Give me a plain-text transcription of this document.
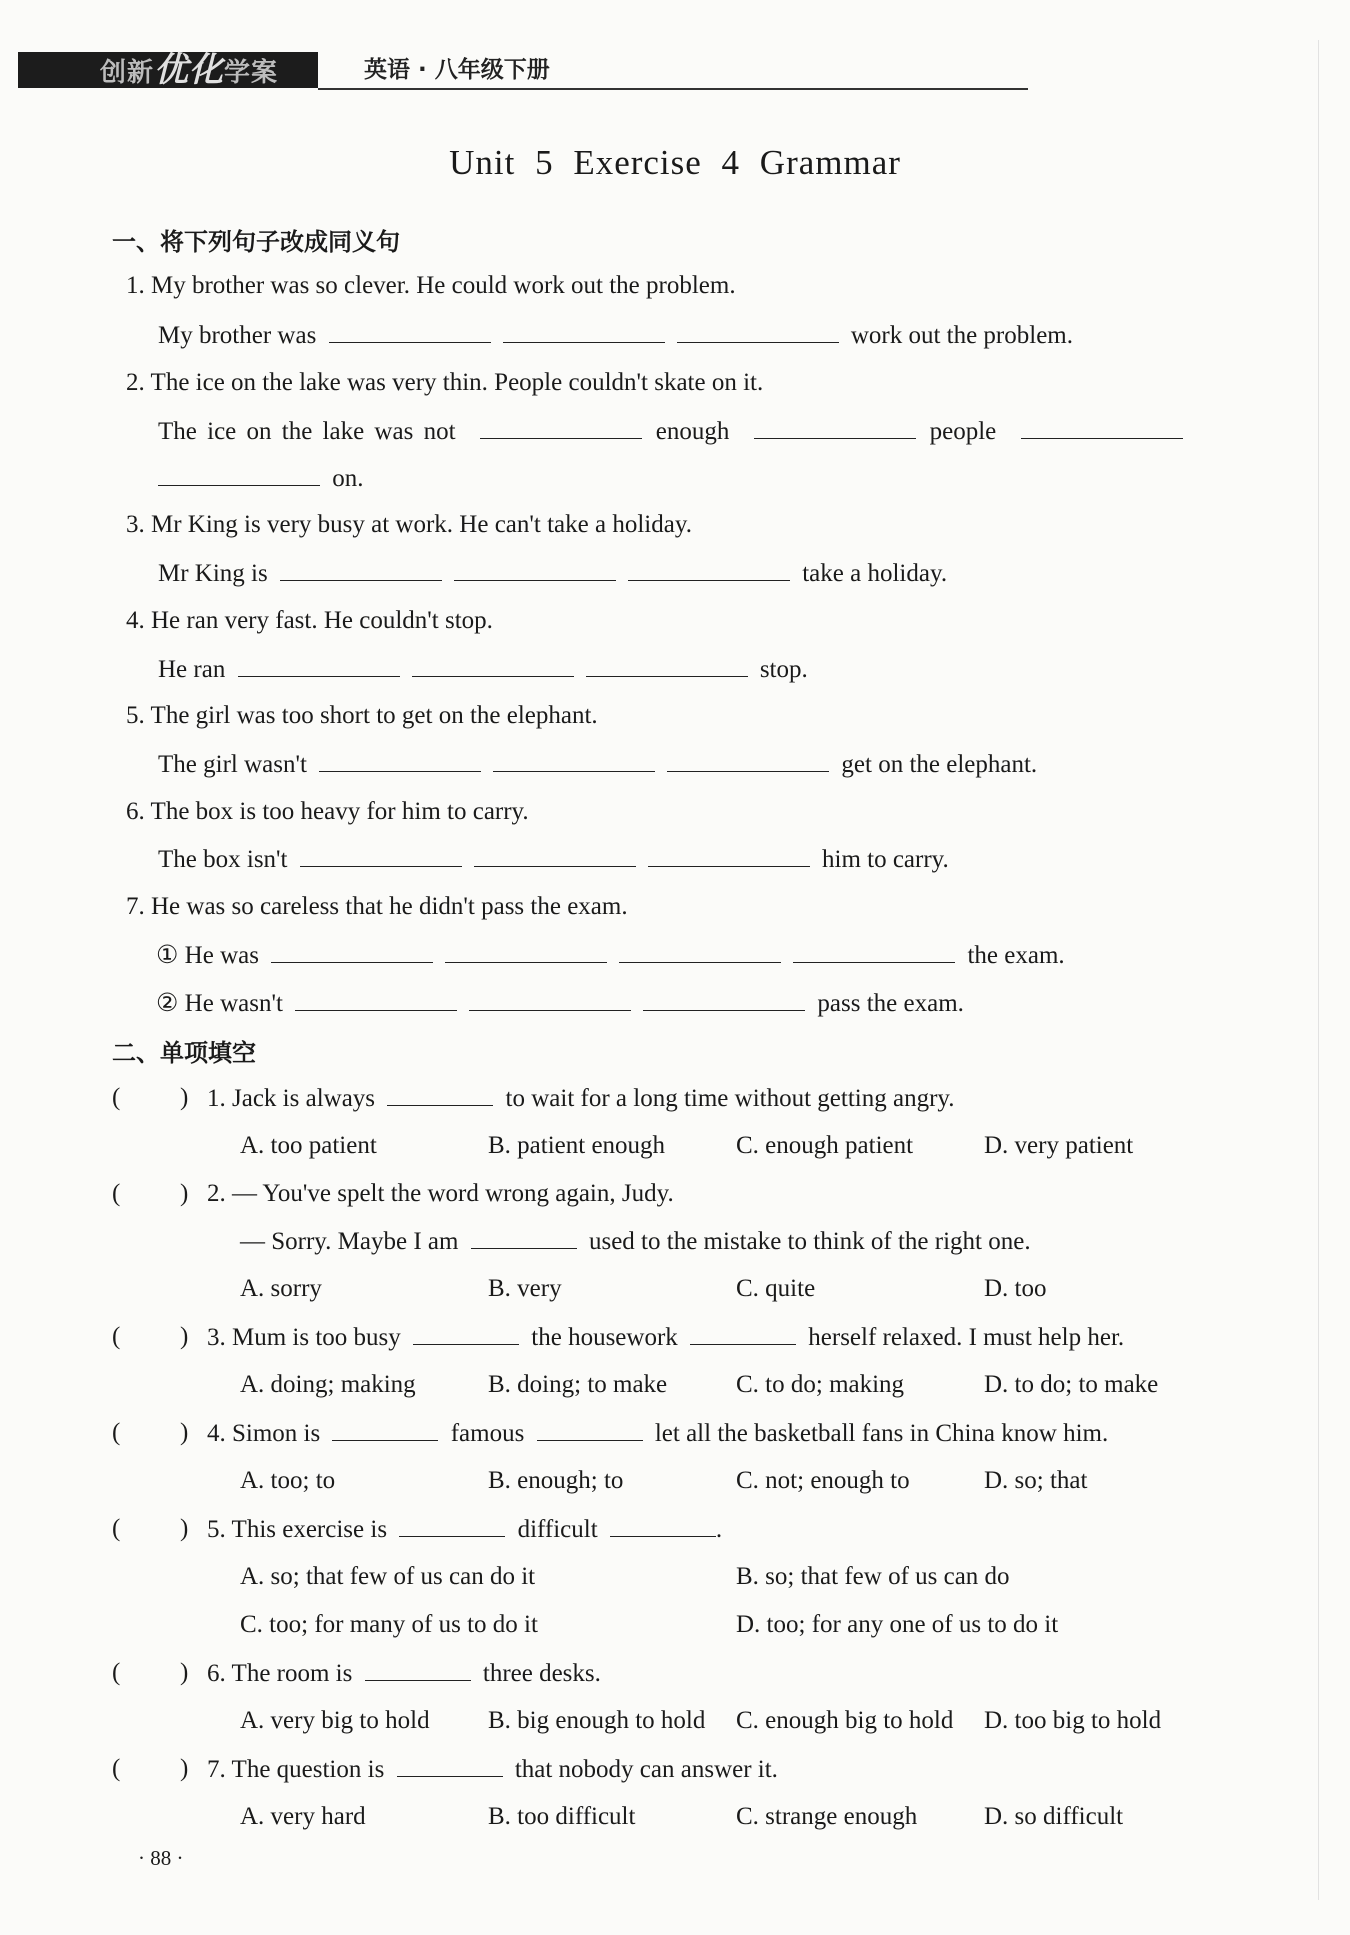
创新优化学案	英语 · 八年级下册
Unit 5 Exercise 4 Grammar
一、将下列句子改成同义句
1. My brother was so clever. He could work out the problem.
My brother was	work out the problem.
2. The ice on the lake was very thin. People couldn't skate on it.
The ice on the lake was not	enough	people
on.
3. Mr King is very busy at work. He can't take a holiday.
Mr King is	take a holiday.
4. He ran very fast. He couldn't stop.
He ran	stop.
5. The girl was too short to get on the elephant.
The girl wasn't	get on the elephant.
6. The box is too heavy for him to carry.
The box isn't	him to carry.
7. He was so careless that he didn't pass the exam.
① He was	the exam.
② He wasn't	pass the exam.
二、单项填空
( ) 1. Jack is always	to wait for a long time without getting angry.
A. too patient	B. patient enough	C. enough patient	D. very patient
( ) 2. — You've spelt the word wrong again, Judy.
— Sorry. Maybe I am	used to the mistake to think of the right one.
A. sorry	B. very	C. quite	D. too
( ) 3. Mum is too busy	the housework	herself relaxed. I must help her.
A. doing; making	B. doing; to make	C. to do; making	D. to do; to make
( ) 4. Simon is	famous	let all the basketball fans in China know him.
A. too; to	B. enough; to	C. not; enough to	D. so; that
( ) 5. This exercise is	difficult	.
A. so; that few of us can do it	B. so; that few of us can do
C. too; for many of us to do it	D. too; for any one of us to do it
( ) 6. The room is	three desks.
A. very big to hold B. big enough to hold C. enough big to hold D. too big to hold
( ) 7. The question is	that nobody can answer it.
A. very hard	B. too difficult	C. strange enough	D. so difficult
· 88 ·
